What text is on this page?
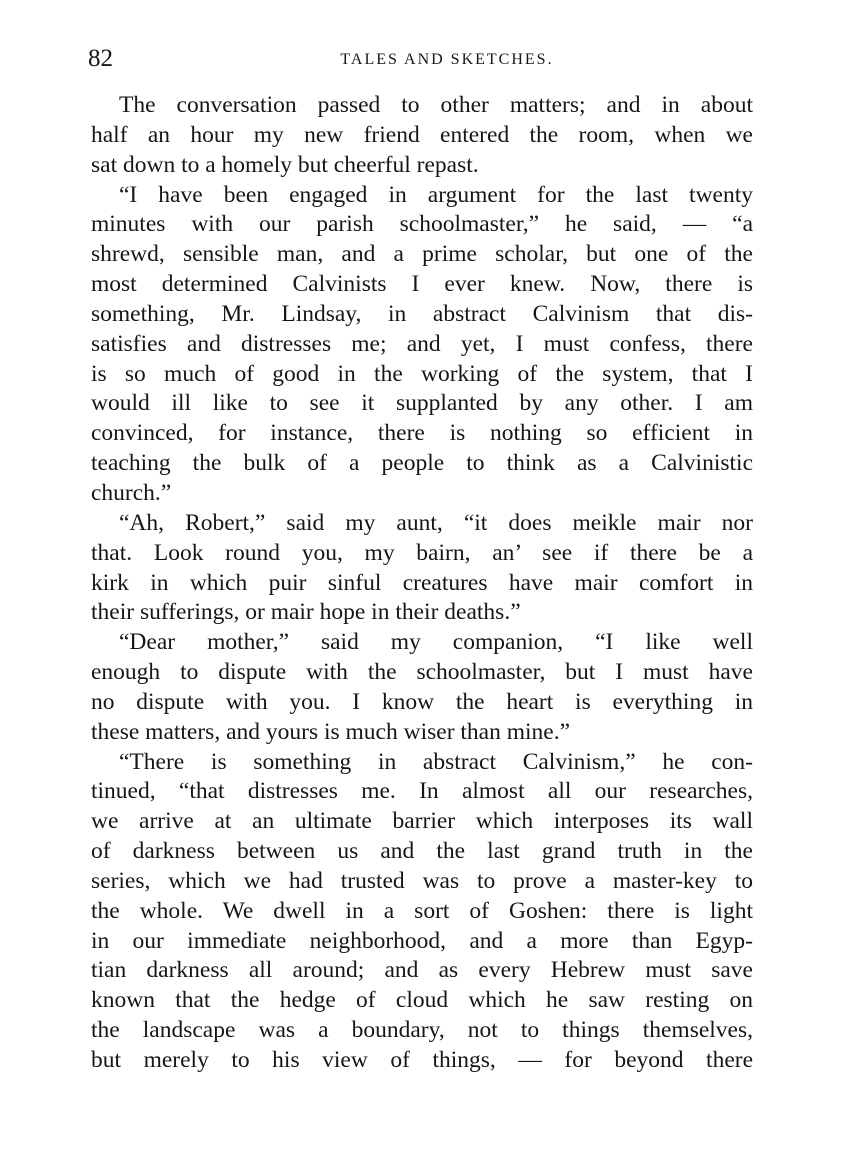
82	TALES AND SKETCHES.
The conversation passed to other matters; and in about
half an hour my new friend entered the room, when we
sat down to a homely but cheerful repast.
“I have been engaged in argument for the last twenty
minutes with our parish schoolmaster,” he said, — “a
shrewd, sensible man, and a prime scholar, but one of the
most determined Calvinists I ever knew. Now, there is
something, Mr. Lindsay, in abstract Calvinism that dis-
satisfies and distresses me; and yet, I must confess, there
is so much of good in the working of the system, that I
would ill like to see it supplanted by any other. I am
convinced, for instance, there is nothing so efficient in
teaching the bulk of a people to think as a Calvinistic
church.”
“Ah, Robert,” said my aunt, “it does meikle mair nor
that. Look round you, my bairn, an’ see if there be a
kirk in which puir sinful creatures have mair comfort in
their sufferings, or mair hope in their deaths.”
“Dear mother,” said my companion, “I like well
enough to dispute with the schoolmaster, but I must have
no dispute with you. I know the heart is everything in
these matters, and yours is much wiser than mine.”
“There is something in abstract Calvinism,” he con-
tinued, “that distresses me. In almost all our researches,
we arrive at an ultimate barrier which interposes its wall
of darkness between us and the last grand truth in the
series, which we had trusted was to prove a master-key to
the whole. We dwell in a sort of Goshen: there is light
in our immediate neighborhood, and a more than Egyp-
tian darkness all around; and as every Hebrew must save
known that the hedge of cloud which he saw resting on
the landscape was a boundary, not to things themselves,
but merely to his view of things, — for beyond there
